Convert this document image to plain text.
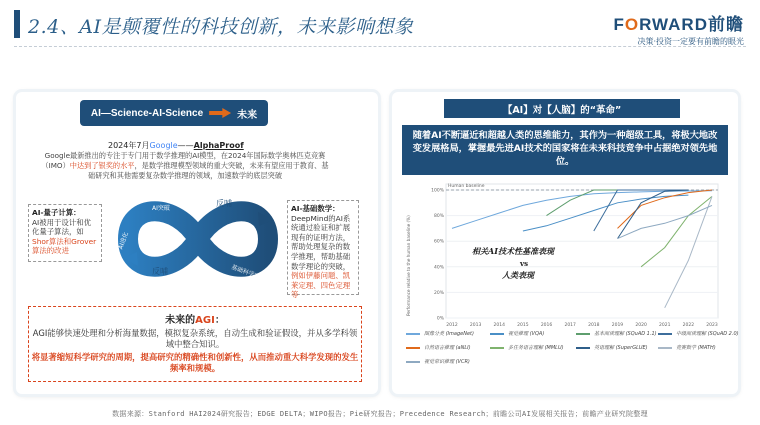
2.4、AI是颠覆性的科技创新，未来影响想象	FORWARD前瞻
决策·投资一定要有前瞻的眼光
AI—Science-AI-Science	未来
2024年7月Google——AlphaProof
Google最新推出的专注于专门用于数学推理的AI模型，在2024年国际数学奥林匹克竞赛（IMO）中达到了银奖的水平，是数学推理模型领域的重大突破，未来有望应用于教育、基础研究和其他需要复杂数学推理的领域，加速数学的底层突破
AI-量子计算：
AI被用于设计和优化量子算法，如Shor算法和Grover算法的改进
AI突破
反哺
AI进化
反哺	基础科学突破
AI-基础数学：
DeepMind的AI系统通过验证和扩展现有的证明方法，帮助处理复杂的数学推理，帮助基础数学理论的突破，例如伊藤问题、凯莱定理、四色定理等
未来的AGI：
AGI能够快速处理和分析海量数据，模拟复杂系统，自动生成和验证假设，并从多学科领域中整合知识。
将显著缩短科学研究的周期，提高研究的精确性和创新性，从而推动重大科学发现的发生频率和规模。
【AI】对【人脑】的“革命”
随着AI不断逼近和超越人类的思维能力，其作为一种超级工具，将极大地改变发展格局，掌握最先进AI技术的国家将在未来科技竞争中占据绝对领先地位。
Human baseline
Performance relative to the human baseline (%)
100%
80%
60%
40%
20%
0%
2012	2013	2014	2015	2016	2017	2018	2019	2020	2021	2022	2023
相关AI技术性基准表现
vs
人类表现
图像分类 (ImageNet)	视觉推理 (VQA)	基本阅读理解 (SQuAD 1.1)	中级阅读理解 (SQuAD 2.0)
自然语言推理 (aNLI)	多任务语言理解 (MMLU)	英语理解 (SuperGLUE)	竞赛数学 (MATH)
视觉常识推理 (VCR)
数据来源：Stanford HAI2024研究报告；EDGE DELTA；WIPO报告；Pie研究报告；Precedence Research；前瞻公司AI发展相关报告；前瞻产业研究院整理
